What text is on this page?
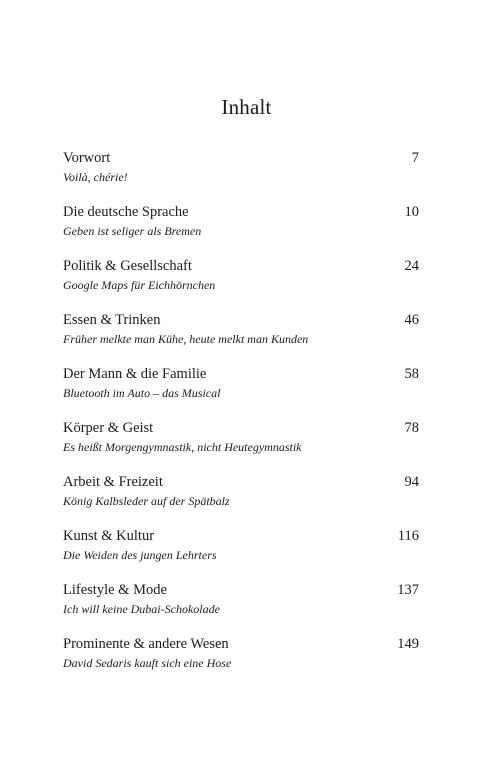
Inhalt
Vorwort	7
Voilà, chérie!
Die deutsche Sprache	10
Geben ist seliger als Bremen
Politik & Gesellschaft	24
Google Maps für Eichhörnchen
Essen & Trinken	46
Früher melkte man Kühe, heute melkt man Kunden
Der Mann & die Familie	58
Bluetooth im Auto – das Musical
Körper & Geist	78
Es heißt Morgengymnastik, nicht Heutegymnastik
Arbeit & Freizeit	94
König Kalbsleder auf der Spätbalz
Kunst & Kultur	116
Die Weiden des jungen Lehrters
Lifestyle & Mode	137
Ich will keine Dubai-Schokolade
Prominente & andere Wesen	149
David Sedaris kauft sich eine Hose
